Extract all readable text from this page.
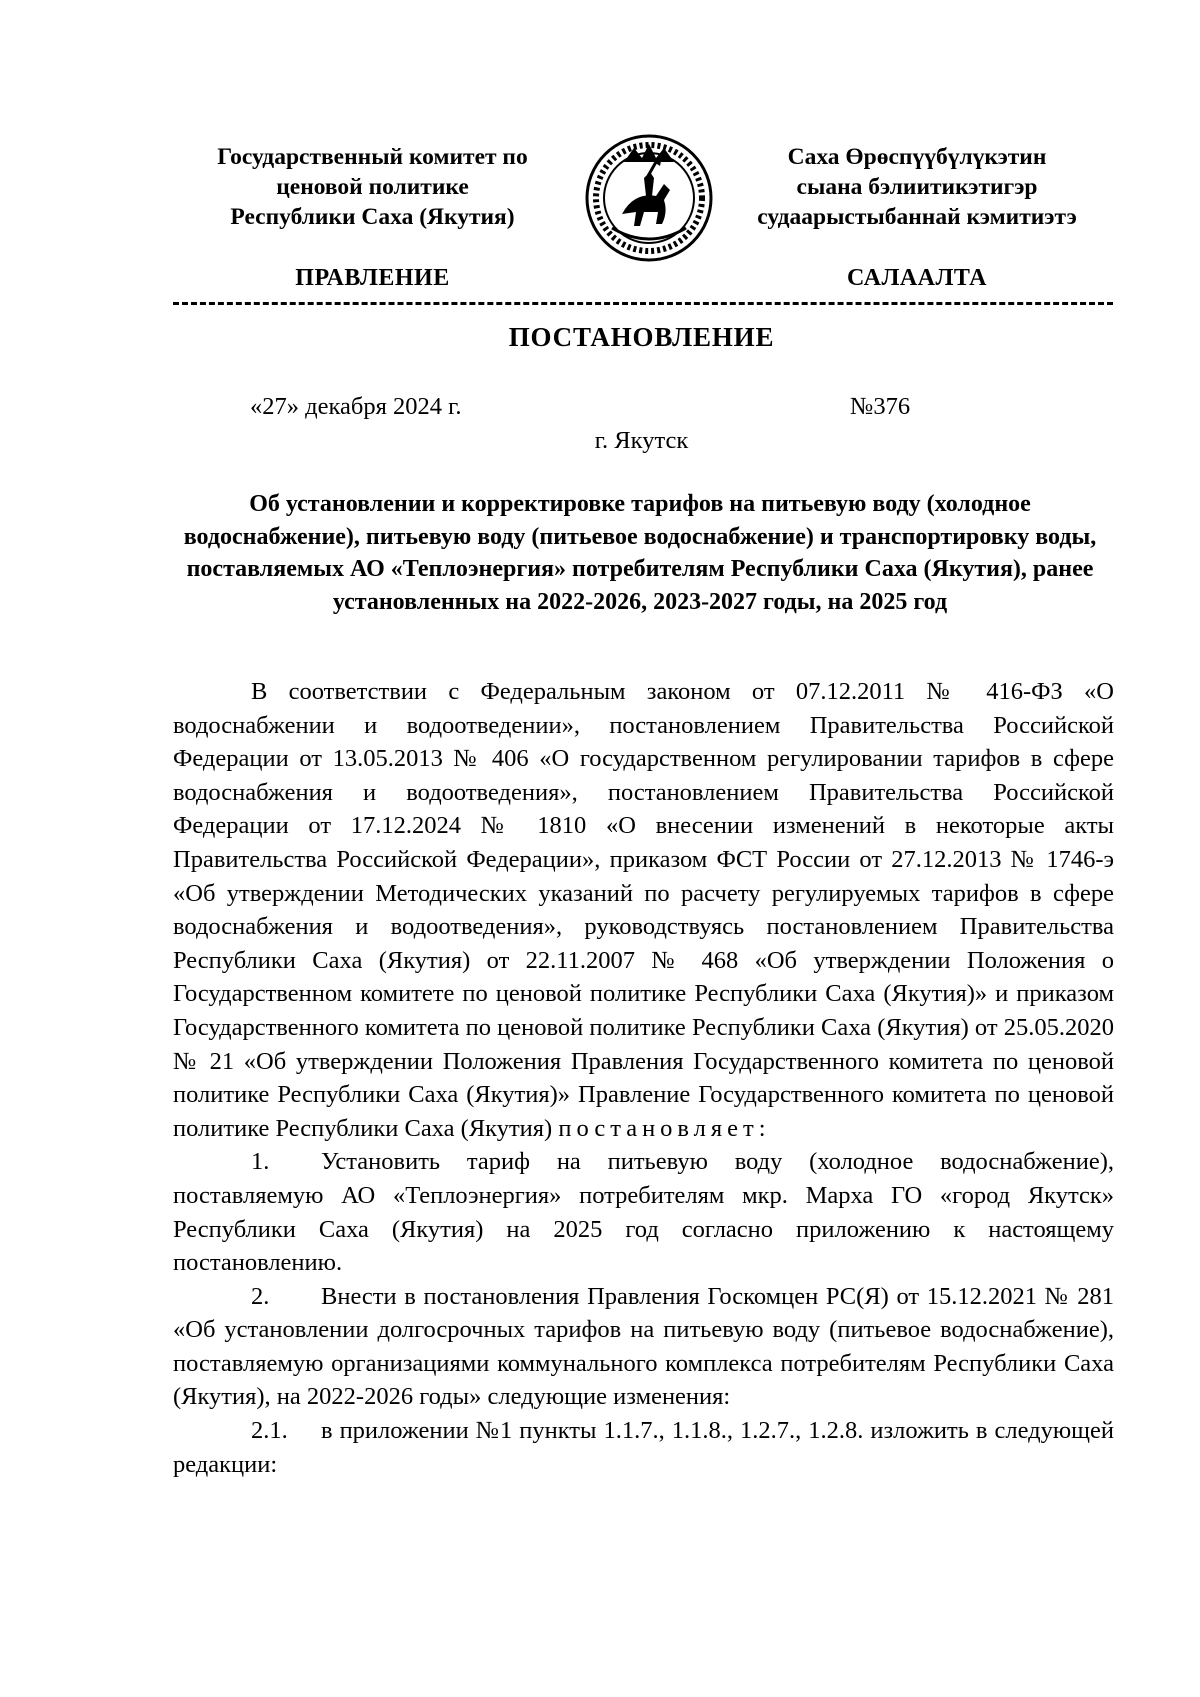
Государственный комитет по
ценовой политике
Республики Саха (Якутия)
Саха Өрөспүүбүлүкэтин
сыана бэлиитикэтигэр
судаарыстыбаннай кэмитиэтэ
ПРАВЛЕНИЕ	САЛААЛТА
ПОСТАНОВЛЕНИЕ
«27» декабря 2024 г.	№376
г. Якутск
Об установлении и корректировке тарифов на питьевую воду (холодное водоснабжение), питьевую воду (питьевое водоснабжение) и транспортировку воды, поставляемых АО «Теплоэнергия» потребителям Республики Саха (Якутия), ранее установленных на 2022-2026, 2023-2027 годы, на 2025 год

В соответствии с Федеральным законом от 07.12.2011 № 416-ФЗ «О водоснабжении и водоотведении», постановлением Правительства Российской Федерации от 13.05.2013 № 406 «О государственном регулировании тарифов в сфере водоснабжения и водоотведения», постановлением Правительства Российской Федерации от 17.12.2024 № 1810 «О внесении изменений в некоторые акты Правительства Российской Федерации», приказом ФСТ России от 27.12.2013 № 1746-э «Об утверждении Методических указаний по расчету регулируемых тарифов в сфере водоснабжения и водоотведения», руководствуясь постановлением Правительства Республики Саха (Якутия) от 22.11.2007 № 468 «Об утверждении Положения о Государственном комитете по ценовой политике Республики Саха (Якутия)» и приказом Государственного комитета по ценовой политике Республики Саха (Якутия) от 25.05.2020 № 21 «Об утверждении Положения Правления Государственного комитета по ценовой политике Республики Саха (Якутия)» Правление Государственного комитета по ценовой политике Республики Саха (Якутия) постановляет:

1. Установить тариф на питьевую воду (холодное водоснабжение), поставляемую АО «Теплоэнергия» потребителям мкр. Марха ГО «город Якутск» Республики Саха (Якутия) на 2025 год согласно приложению к настоящему постановлению.

2. Внести в постановления Правления Госкомцен РС(Я) от 15.12.2021 № 281 «Об установлении долгосрочных тарифов на питьевую воду (питьевое водоснабжение), поставляемую организациями коммунального комплекса потребителям Республики Саха (Якутия), на 2022-2026 годы» следующие изменения:

2.1. в приложении №1 пункты 1.1.7., 1.1.8., 1.2.7., 1.2.8. изложить в следующей редакции:
